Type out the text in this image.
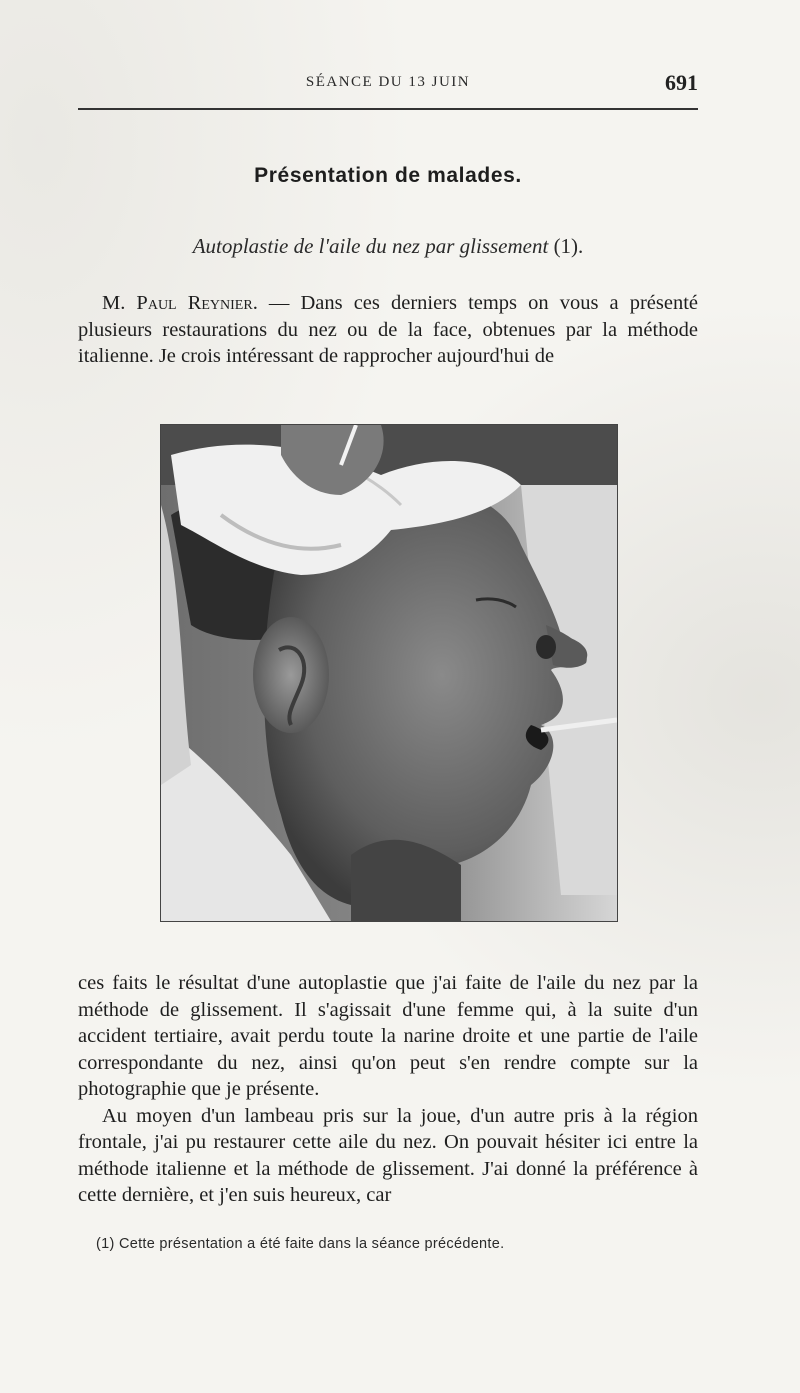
SÉANCE DU 13 JUIN	691
Présentation de malades.
Autoplastie de l'aile du nez par glissement (1).

M. Paul Reynier. — Dans ces derniers temps on vous a présenté plusieurs restaurations du nez ou de la face, obtenues par la méthode italienne. Je crois intéressant de rapprocher aujourd'hui de

ces faits le résultat d'une autoplastie que j'ai faite de l'aile du nez par la méthode de glissement. Il s'agissait d'une femme qui, à la suite d'un accident tertiaire, avait perdu toute la narine droite et une partie de l'aile correspondante du nez, ainsi qu'on peut s'en rendre compte sur la photographie que je présente.

Au moyen d'un lambeau pris sur la joue, d'un autre pris à la région frontale, j'ai pu restaurer cette aile du nez. On pouvait hésiter ici entre la méthode italienne et la méthode de glissement. J'ai donné la préférence à cette dernière, et j'en suis heureux, car

(1) Cette présentation a été faite dans la séance précédente.
